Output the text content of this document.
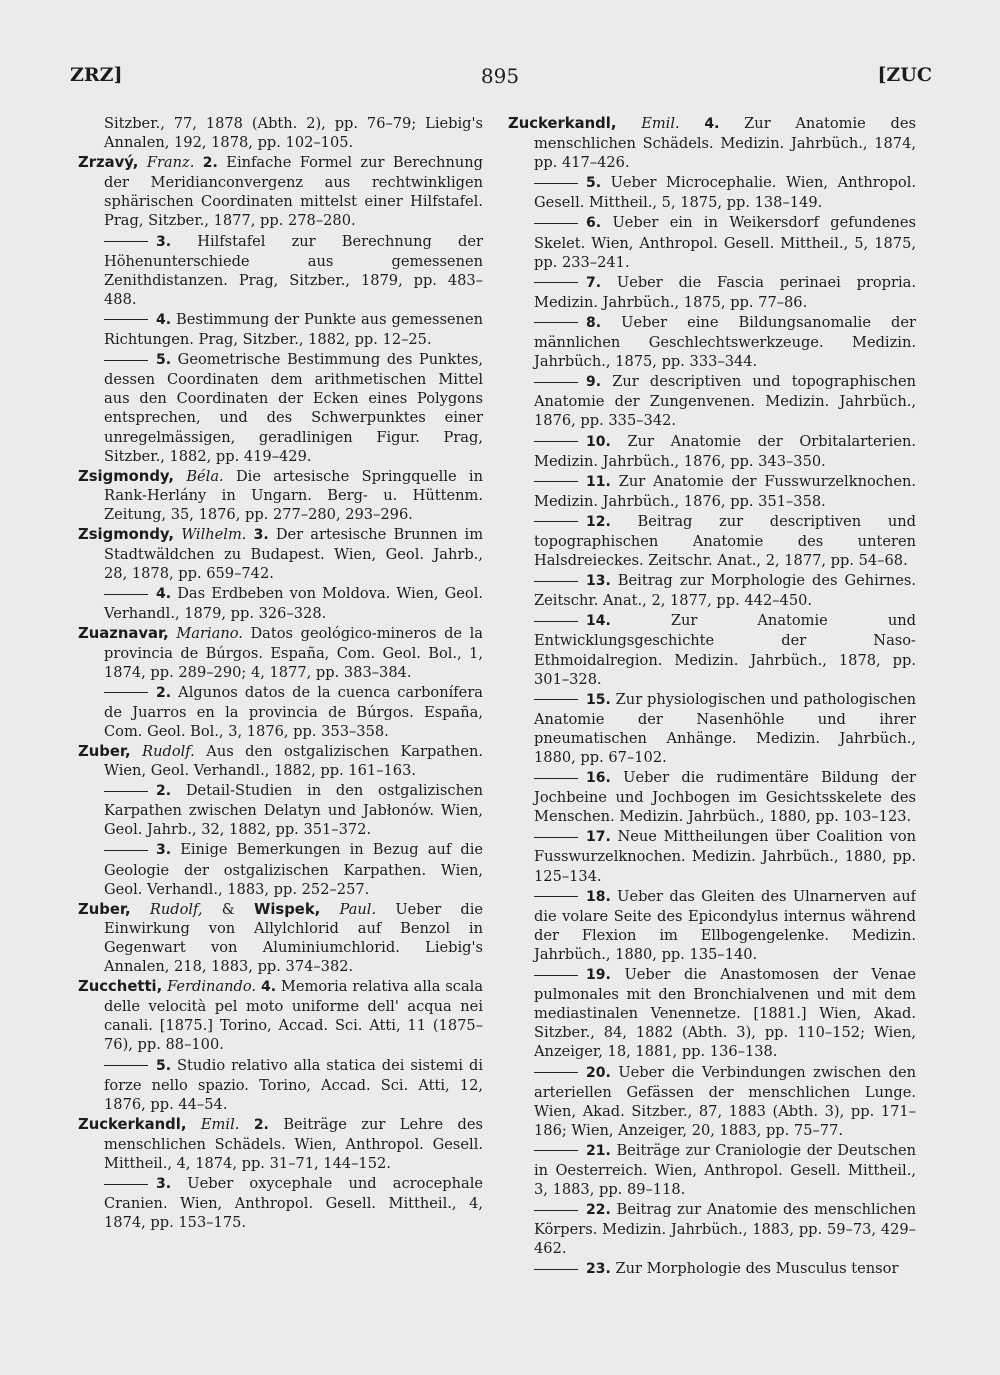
ZRZ]	895	[ZUC
Sitzber., 77, 1878 (Abth. 2), pp. 76–79; Liebig's Annalen, 192, 1878, pp. 102–105.
Zrzavý, Franz. 2. Einfache Formel zur Berechnung der Meridianconvergenz aus rechtwinkligen sphärischen Coordinaten mittelst einer Hilfstafel. Prag, Sitzber., 1877, pp. 278–280.
3. Hilfstafel zur Berechnung der Höhenunterschiede aus gemessenen Zenithdistanzen. Prag, Sitzber., 1879, pp. 483–488.
4. Bestimmung der Punkte aus gemessenen Richtungen. Prag, Sitzber., 1882, pp. 12–25.
5. Geometrische Bestimmung des Punktes, dessen Coordinaten dem arithmetischen Mittel aus den Coordinaten der Ecken eines Polygons entsprechen, und des Schwerpunktes einer unregelmässigen, geradlinigen Figur. Prag, Sitzber., 1882, pp. 419–429.
Zsigmondy, Béla. Die artesische Springquelle in Rank-Herlány in Ungarn. Berg- u. Hüttenm. Zeitung, 35, 1876, pp. 277–280, 293–296.
Zsigmondy, Wilhelm. 3. Der artesische Brunnen im Stadtwäldchen zu Budapest. Wien, Geol. Jahrb., 28, 1878, pp. 659–742.
4. Das Erdbeben von Moldova. Wien, Geol. Verhandl., 1879, pp. 326–328.
Zuaznavar, Mariano. Datos geológico-mineros de la provincia de Búrgos. España, Com. Geol. Bol., 1, 1874, pp. 289–290; 4, 1877, pp. 383–384.
2. Algunos datos de la cuenca carbonífera de Juarros en la provincia de Búrgos. España, Com. Geol. Bol., 3, 1876, pp. 353–358.
Zuber, Rudolf. Aus den ostgalizischen Karpathen. Wien, Geol. Verhandl., 1882, pp. 161–163.
2. Detail-Studien in den ostgalizischen Karpathen zwischen Delatyn und Jabłonów. Wien, Geol. Jahrb., 32, 1882, pp. 351–372.
3. Einige Bemerkungen in Bezug auf die Geologie der ostgalizischen Karpathen. Wien, Geol. Verhandl., 1883, pp. 252–257.
Zuber, Rudolf, & Wispek, Paul. Ueber die Einwirkung von Allylchlorid auf Benzol in Gegenwart von Aluminiumchlorid. Liebig's Annalen, 218, 1883, pp. 374–382.
Zucchetti, Ferdinando. 4. Memoria relativa alla scala delle velocità pel moto uniforme dell' acqua nei canali. [1875.] Torino, Accad. Sci. Atti, 11 (1875–76), pp. 88–100.
5. Studio relativo alla statica dei sistemi di forze nello spazio. Torino, Accad. Sci. Atti, 12, 1876, pp. 44–54.
Zuckerkandl, Emil. 2. Beiträge zur Lehre des menschlichen Schädels. Wien, Anthropol. Gesell. Mittheil., 4, 1874, pp. 31–71, 144–152.
3. Ueber oxycephale und acrocephale Cranien. Wien, Anthropol. Gesell. Mittheil., 4, 1874, pp. 153–175.
Zuckerkandl, Emil. 4. Zur Anatomie des menschlichen Schädels. Medizin. Jahrbüch., 1874, pp. 417–426.
5. Ueber Microcephalie. Wien, Anthropol. Gesell. Mittheil., 5, 1875, pp. 138–149.
6. Ueber ein in Weikersdorf gefundenes Skelet. Wien, Anthropol. Gesell. Mittheil., 5, 1875, pp. 233–241.
7. Ueber die Fascia perinaei propria. Medizin. Jahrbüch., 1875, pp. 77–86.
8. Ueber eine Bildungsanomalie der männlichen Geschlechtswerkzeuge. Medizin. Jahrbüch., 1875, pp. 333–344.
9. Zur descriptiven und topographischen Anatomie der Zungenvenen. Medizin. Jahrbüch., 1876, pp. 335–342.
10. Zur Anatomie der Orbitalarterien. Medizin. Jahrbüch., 1876, pp. 343–350.
11. Zur Anatomie der Fusswurzelknochen. Medizin. Jahrbüch., 1876, pp. 351–358.
12. Beitrag zur descriptiven und topographischen Anatomie des unteren Halsdreieckes. Zeitschr. Anat., 2, 1877, pp. 54–68.
13. Beitrag zur Morphologie des Gehirnes. Zeitschr. Anat., 2, 1877, pp. 442–450.
14.	Zur Anatomie und Entwicklungsgeschichte der Naso-Ethmoidalregion. Medizin. Jahrbüch., 1878, pp. 301–328.
15. Zur physiologischen und pathologischen Anatomie der Nasenhöhle und ihrer pneumatischen Anhänge. Medizin. Jahrbüch., 1880, pp. 67–102.
16. Ueber die rudimentäre Bildung der Jochbeine und Jochbogen im Gesichtsskelete des Menschen. Medizin. Jahrbüch., 1880, pp. 103–123.
17. Neue Mittheilungen über Coalition von Fusswurzelknochen. Medizin. Jahrbüch., 1880, pp. 125–134.
18. Ueber das Gleiten des Ulnarnerven auf die volare Seite des Epicondylus internus während der Flexion im Ellbogengelenke. Medizin. Jahrbüch., 1880, pp. 135–140.
19. Ueber die Anastomosen der Venae pulmonales mit den Bronchialvenen und mit dem mediastinalen Venennetze. [1881.] Wien, Akad. Sitzber., 84, 1882 (Abth. 3), pp. 110–152; Wien, Anzeiger, 18, 1881, pp. 136–138.
20. Ueber die Verbindungen zwischen den arteriellen Gefässen der menschlichen Lunge. Wien, Akad. Sitzber., 87, 1883 (Abth. 3), pp. 171–186; Wien, Anzeiger, 20, 1883, pp. 75–77.
21. Beiträge zur Craniologie der Deutschen in Oesterreich. Wien, Anthropol. Gesell. Mittheil., 3, 1883, pp. 89–118.
22. Beitrag zur Anatomie des menschlichen Körpers. Medizin. Jahrbüch., 1883, pp. 59–73, 429–462.
23. Zur Morphologie des Musculus tensor
